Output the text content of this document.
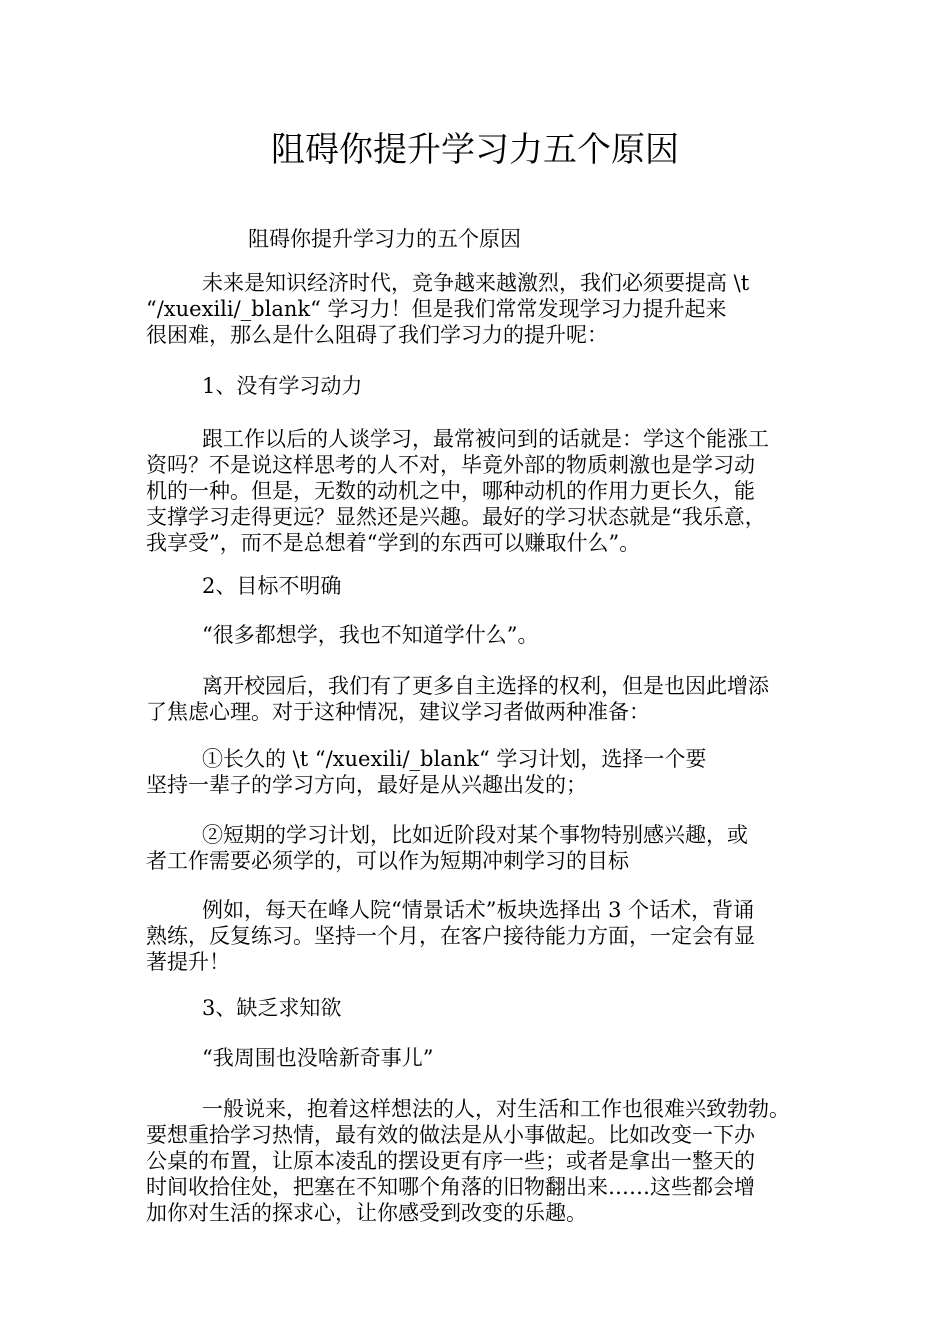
阻碍你提升学习力五个原因
阻碍你提升学习力的五个原因
未来是知识经济时代，竞争越来越激烈，我们必须要提高 \t
“/xuexili/_blank“ 学习力！但是我们常常发现学习力提升起来
很困难，那么是什么阻碍了我们学习力的提升呢：
1、没有学习动力
跟工作以后的人谈学习，最常被问到的话就是：学这个能涨工
资吗？不是说这样思考的人不对，毕竟外部的物质刺激也是学习动
机的一种。但是，无数的动机之中，哪种动机的作用力更长久，能
支撑学习走得更远？显然还是兴趣。最好的学习状态就是“我乐意，
我享受”，而不是总想着“学到的东西可以赚取什么”。
2、目标不明确
“很多都想学，我也不知道学什么”。
离开校园后，我们有了更多自主选择的权利，但是也因此增添
了焦虑心理。对于这种情况，建议学习者做两种准备：
①长久的 \t “/xuexili/_blank“ 学习计划，选择一个要
坚持一辈子的学习方向，最好是从兴趣出发的；
②短期的学习计划，比如近阶段对某个事物特别感兴趣，或
者工作需要必须学的，可以作为短期冲刺学习的目标
例如，每天在峰人院“情景话术”板块选择出 3 个话术，背诵
熟练，反复练习。坚持一个月，在客户接待能力方面，一定会有显
著提升！
3、缺乏求知欲
“我周围也没啥新奇事儿”
一般说来，抱着这样想法的人，对生活和工作也很难兴致勃勃。
要想重拾学习热情，最有效的做法是从小事做起。比如改变一下办
公桌的布置，让原本凌乱的摆设更有序一些；或者是拿出一整天的
时间收拾住处，把塞在不知哪个角落的旧物翻出来……这些都会增
加你对生活的探求心，让你感受到改变的乐趣。
